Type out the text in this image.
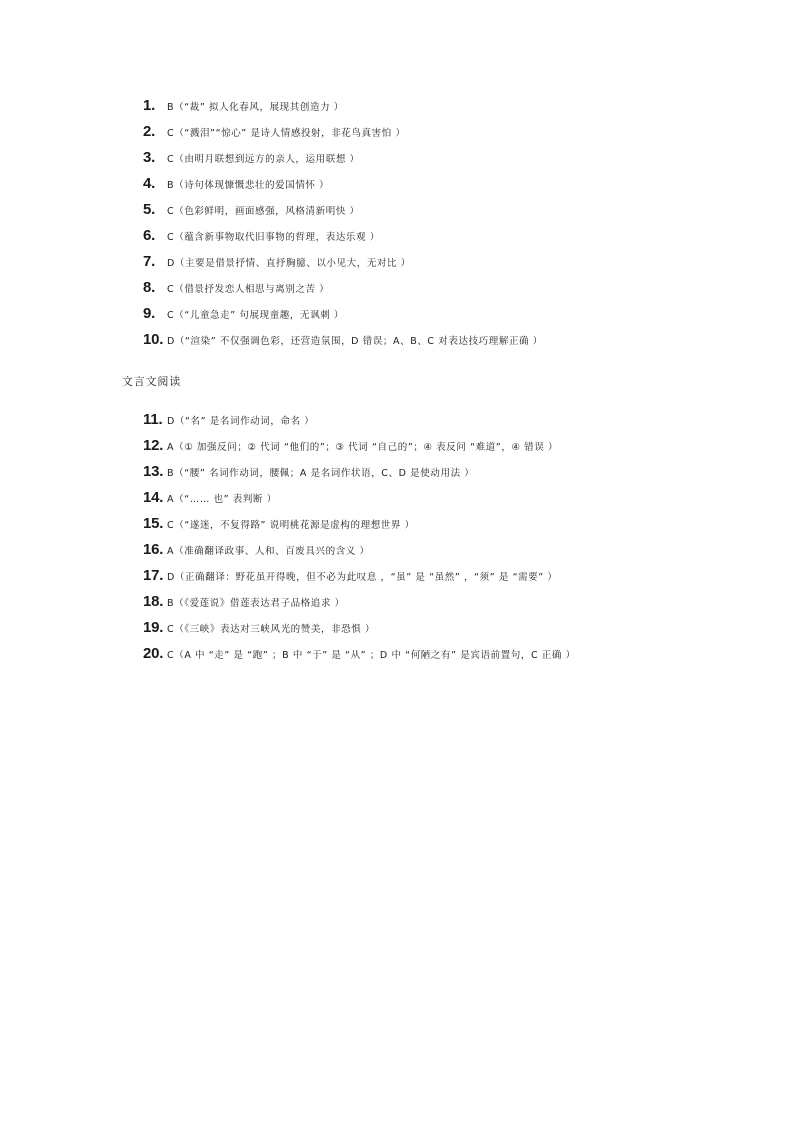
1.	B（“裁” 拟人化春风，展现其创造力 ）
2.	C（“溅泪”“惊心” 是诗人情感投射，非花鸟真害怕 ）
3.	C（由明月联想到远方的亲人，运用联想 ）
4.	B（诗句体现慷慨悲壮的爱国情怀 ）
5.	C（色彩鲜明，画面感强，风格清新明快 ）
6.	C（蕴含新事物取代旧事物的哲理，表达乐观 ）
7.	D（主要是借景抒情、直抒胸臆、以小见大，无对比 ）
8.	C（借景抒发恋人相思与离别之苦 ）
9.	C（“儿童急走” 句展现童趣，无讽刺 ）
10. D（“渲染” 不仅强调色彩，还营造氛围，D 错误；A、B、C 对表达技巧理解正确 ）
文言文阅读
11. D（“名” 是名词作动词，命名 ）
12. A（① 加强反问；② 代词 “他们的”；③ 代词 “自己的”；④ 表反问 “难道”，④ 错误 ）
13. B（“腰” 名词作动词，腰佩；A 是名词作状语，C、D 是使动用法 ）
14. A（“…… 也” 表判断 ）
15. C（“遂迷，不复得路” 说明桃花源是虚构的理想世界 ）
16. A（准确翻译政事、人和、百废具兴的含义 ）
17. D（正确翻译：野花虽开得晚，但不必为此叹息 ，“虽” 是 “虽然” ，“须” 是 “需要” ）
18. B（《爱莲说》借莲表达君子品格追求 ）
19. C（《三峡》表达对三峡风光的赞美，非恐惧 ）
20. C（A 中 “走” 是 “跑” ；B 中 “于” 是 “从” ；D 中 “何陋之有” 是宾语前置句，C 正确 ）
